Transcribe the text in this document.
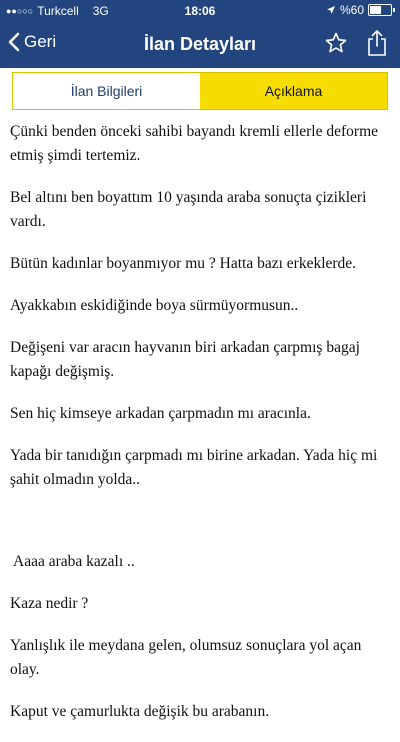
●●○○○ Turkcell 3G	18:06	%60
Geri	İlan Detayları
İlan Bilgileri	Açıklama

Çünki benden önceki sahibi bayandı kremli ellerle deforme etmiş şimdi tertemiz.

Bel altını ben boyattım 10 yaşında araba sonuçta çizikleri vardı.

Bütün kadınlar boyanmıyor mu ? Hatta bazı erkeklerde.

Ayakkabın eskidiğinde boya sürmüyormusun..

Değişeni var aracın hayvanın biri arkadan çarpmış bagaj kapağı değişmiş.

Sen hiç kimseye arkadan çarpmadın mı aracınla.

Yada bir tanıdığın çarpmadı mı birine arkadan. Yada hiç mi şahit olmadın yolda..

Aaaa araba kazalı ..

Kaza nedir ?

Yanlışlık ile meydana gelen, olumsuz sonuçlara yol açan olay.

Kaput ve çamurlukta değişik bu arabanın.
